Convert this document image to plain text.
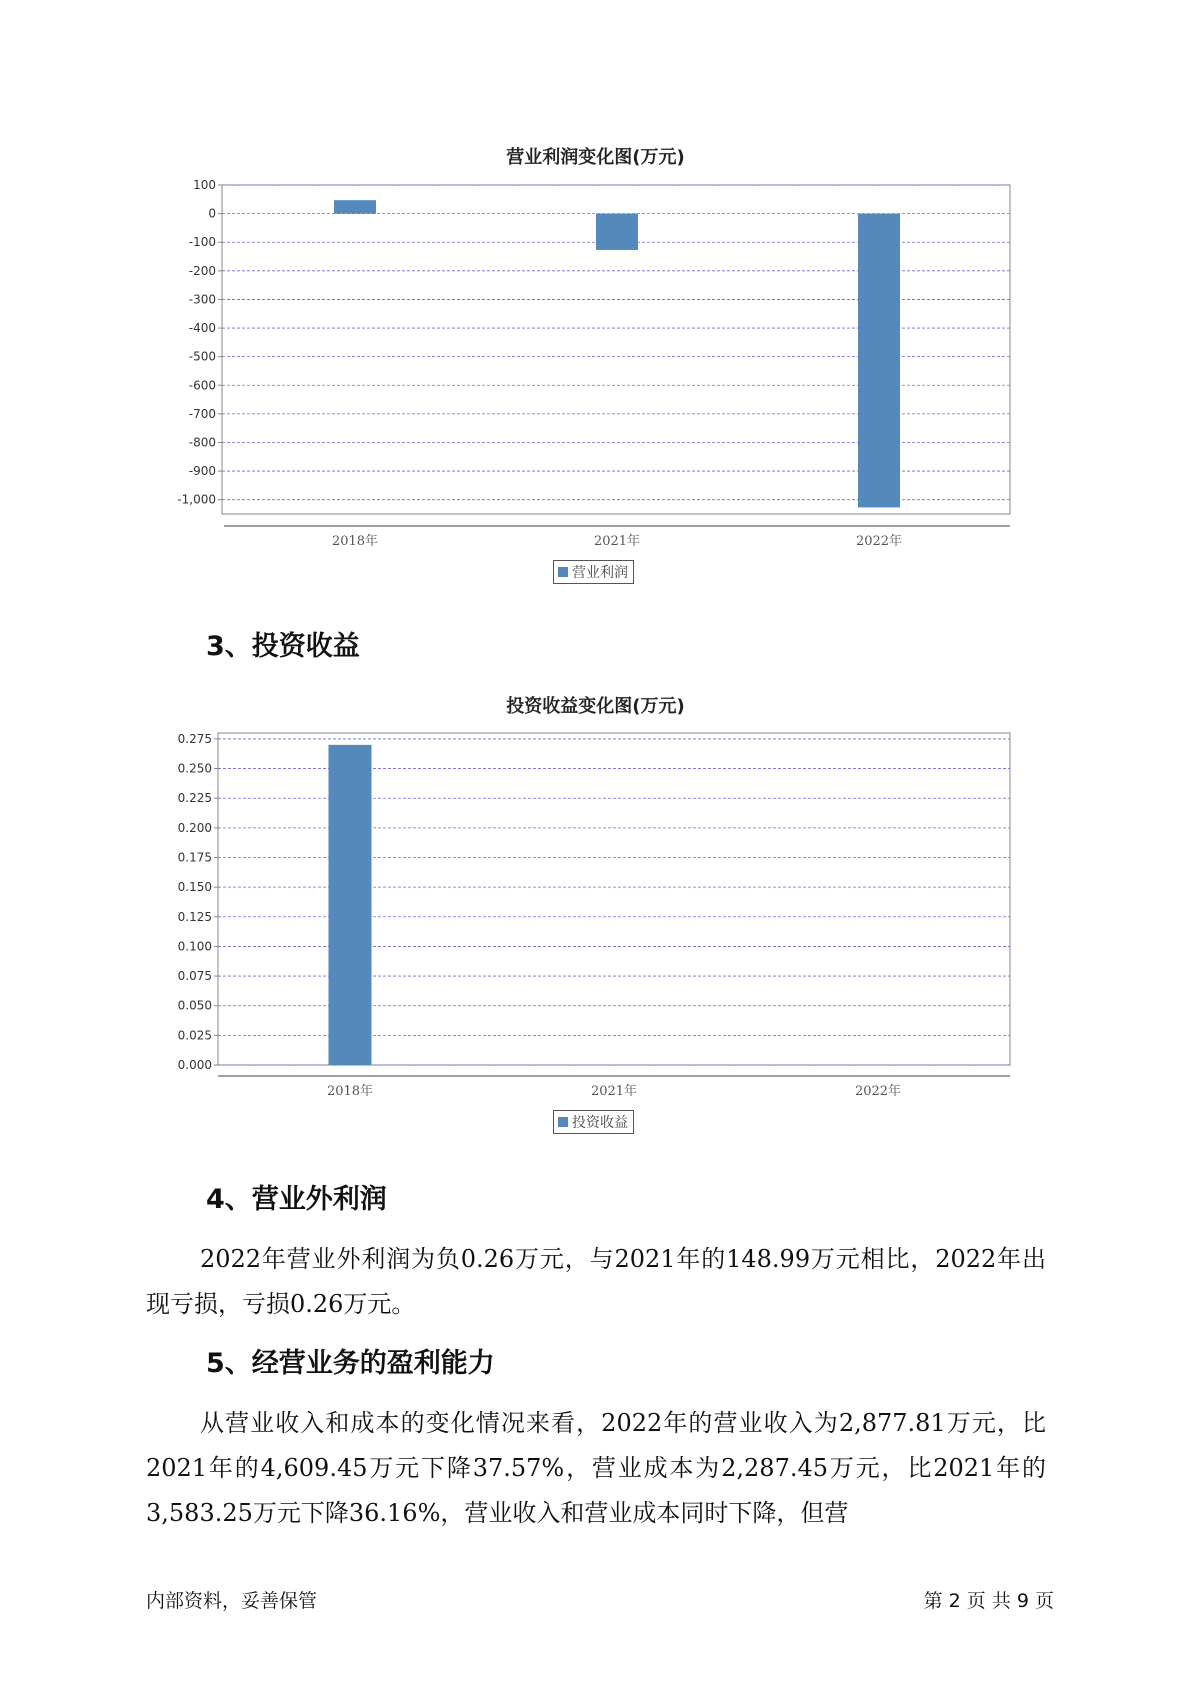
营业利润变化图(万元)
100
0
-100
-200
-300
-400
-500
-600
-700
-800
-900
-1,000
2018年	2021年	2022年
营业利润
3、投资收益
投资收益变化图(万元)
0.275
0.250
0.225
0.200
0.175
0.150
0.125
0.100
0.075
0.050
0.025
0.000
2018年	2021年	2022年
投资收益
4、营业外利润

2022年营业外利润为负0.26万元，与2021年的148.99万元相比，2022年出现亏损，亏损0.26万元。

5、经营业务的盈利能力

从营业收入和成本的变化情况来看，2022年的营业收入为2,877.81万元，比2021年的4,609.45万元下降37.57%，营业成本为2,287.45万元，比2021年的3,583.25万元下降36.16%，营业收入和营业成本同时下降，但营

内部资料，妥善保管	第 2 页 共 9 页
